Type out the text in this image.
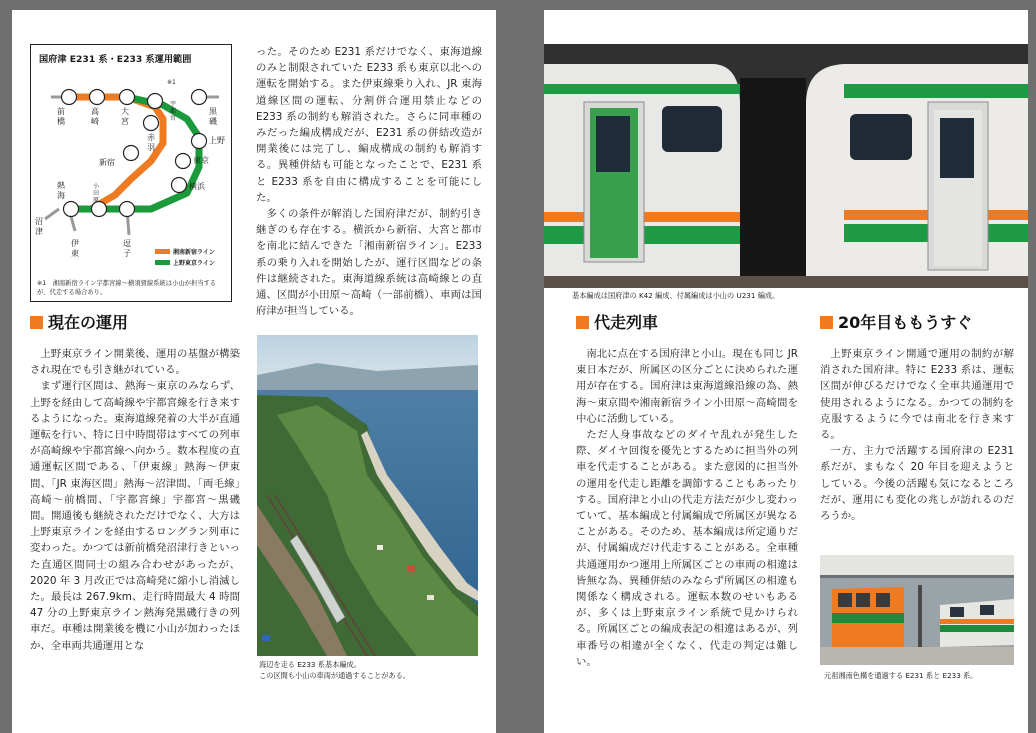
国府津 E231 系・E233 系運用範囲
前橋
高崎
大宮
※1
宇都宮
黒磯
赤羽
上野
新宿	東京
熱海
小田原
横浜
沼津
伊東
逗子	湘南新宿ライン
上野東京ライン
※1　湘南新宿ライン宇都宮線～横須賀線系統は小山が担当するが、代走する場合あり。

った。そのため E231 系だけでなく、東海道線のみと制限されていた E233 系も東京以北への運転を開始する。また伊東線乗り入れ、JR 東海道線区間の運転、分割併合運用禁止などの E233 系の制約も解消された。さらに同車種のみだった編成構成だが、E231 系の併結改造が開業後には完了し、編成構成の制約も解消する。異種併結も可能となったことで、E231 系と E233 系を自由に構成することを可能にした。

多くの条件が解消した国府津だが、制約引き継ぎのも存在する。横浜から新宿、大宮と都市を南北に結んできた「湘南新宿ライン」。E233 系の乗り入れを開始したが、運行区間などの条件は継続された。東海道線系統は高崎線との直通、区間が小田原～高崎（一部前橋）、車両は国府津が担当している。

現在の運用

上野東京ライン開業後、運用の基盤が構築され現在でも引き継がれている。

まず運行区間は、熱海～東京のみならず、上野を経由して高崎線や宇都宮線を行き来するようになった。東海道線発着の大半が直通運転を行い、特に日中時間帯はすべての列車が高崎線や宇都宮線へ向かう。数本程度の直通運転区間である、「伊東線」熱海～伊東間、「JR 東海区間」熱海～沼津間、「両毛線」高崎～前橋間、「宇都宮線」宇都宮～黒磯間。開通後も継続されただけでなく、大方は上野東京ラインを経由するロングラン列車に変わった。かつては新前橋発沼津行きといった直通区間同士の組み合わせがあったが、2020 年 3 月改正では高崎発に縮小し消滅した。最長は 267.9km、走行時間最大 4 時間 47 分の上野東京ライン熱海発黒磯行きの列車だ。車種は開業後を機に小山が加わったほか、全車両共通運用とな

海辺を走る E233 系基本編成。
この区間も小山の車両が通過することがある。
基本編成は国府津の K42 編成、付属編成は小山の U231 編成。
代走列車

南北に点在する国府津と小山。現在も同じ JR 東日本だが、所属区の区分ごとに決められた運用が存在する。国府津は東海道線沿線の為、熱海～東京間や湘南新宿ライン小田原～高崎間を中心に活動している。

ただ人身事故などのダイヤ乱れが発生した際、ダイヤ回復を優先とするために担当外の列車を代走することがある。また意図的に担当外の運用を代走し距離を調節することもあったりする。国府津と小山の代走方法だが少し変わっていて、基本編成と付属編成で所属区が異なることがある。そのため、基本編成は所定通りだが、付属編成だけ代走することがある。全車種共通運用かつ運用上所属区ごとの車両の相違は皆無な為、異種併結のみならず所属区の相違も関係なく構成される。運転本数のせいもあるが、多くは上野東京ライン系統で見かけられる。所属区ごとの編成表記の相違はあるが、列車番号の相違が全くなく、代走の判定は難しい。

20年目ももうすぐ

上野東京ライン開通で運用の制約が解消された国府津。特に E233 系は、運転区間が伸びるだけでなく全車共通運用で使用されるようになる。かつての制約を克服するように今では南北を行き来する。

一方、主力で活躍する国府津の E231 系だが、まもなく 20 年目を迎えようとしている。今後の活躍も気になるところだが、運用にも変化の兆しが訪れるのだろうか。

元祖湘南色構を通過する E231 系と E233 系。
